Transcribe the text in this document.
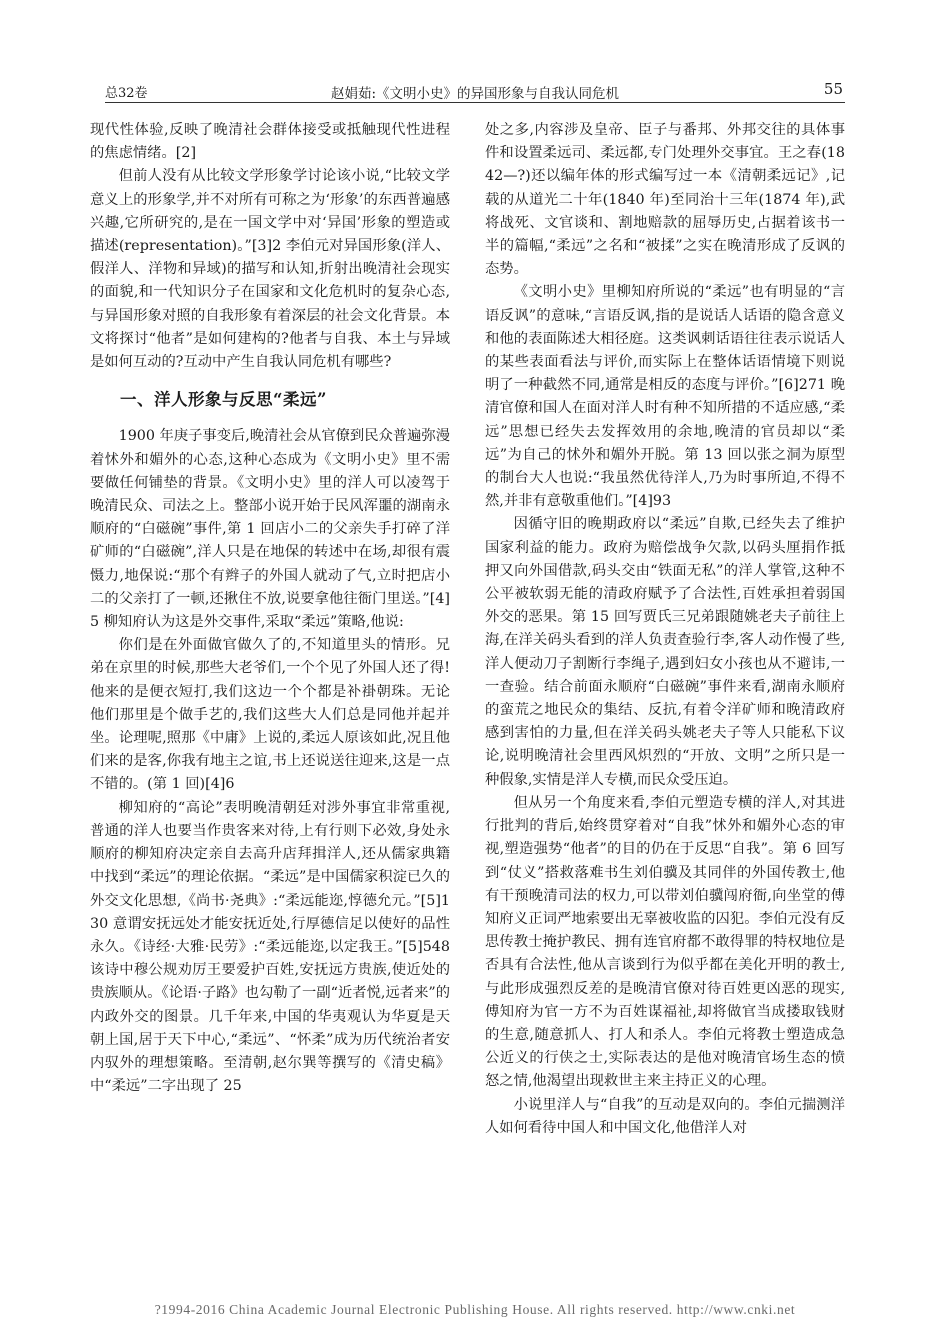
总32卷	赵娟茹:《文明小史》的异国形象与自我认同危机	55

现代性体验,反映了晚清社会群体接受或抵触现代性进程的焦虑情绪。[2]

但前人没有从比较文学形象学讨论该小说,“比较文学意义上的形象学,并不对所有可称之为‘形象’的东西普遍感兴趣,它所研究的,是在一国文学中对‘异国’形象的塑造或描述(representation)。”[3]2 李伯元对异国形象(洋人、假洋人、洋物和异域)的描写和认知,折射出晚清社会现实的面貌,和一代知识分子在国家和文化危机时的复杂心态,与异国形象对照的自我形象有着深层的社会文化背景。本文将探讨“他者”是如何建构的?他者与自我、本土与异域是如何互动的?互动中产生自我认同危机有哪些?

一、洋人形象与反思“柔远”

1900 年庚子事变后,晚清社会从官僚到民众普遍弥漫着怵外和媚外的心态,这种心态成为《文明小史》里不需要做任何铺垫的背景。《文明小史》里的洋人可以凌驾于晚清民众、司法之上。整部小说开始于民风浑噩的湖南永顺府的“白磁碗”事件,第 1 回店小二的父亲失手打碎了洋矿师的“白磁碗”,洋人只是在地保的转述中在场,却很有震慑力,地保说:“那个有辫子的外国人就动了气,立时把店小二的父亲打了一顿,还揪住不放,说要拿他往衙门里送。”[4]5 柳知府认为这是外交事件,采取“柔远”策略,他说:

你们是在外面做官做久了的,不知道里头的情形。兄弟在京里的时候,那些大老爷们,一个个见了外国人还了得!他来的是便衣短打,我们这边一个个都是补褂朝珠。无论他们那里是个做手艺的,我们这些大人们总是同他并起并坐。论理呢,照那《中庸》上说的,柔远人原该如此,况且他们来的是客,你我有地主之谊,书上还说送往迎来,这是一点不错的。(第 1 回)[4]6

柳知府的“高论”表明晚清朝廷对涉外事宜非常重视,普通的洋人也要当作贵客来对待,上有行则下必效,身处永顺府的柳知府决定亲自去高升店拜揖洋人,还从儒家典籍中找到“柔远”的理论依据。“柔远”是中国儒家积淀已久的外交文化思想,《尚书·尧典》:“柔远能迩,惇德允元。”[5]130 意谓安抚远处才能安抚近处,行厚德信足以使好的品性永久。《诗经·大雅·民劳》:“柔远能迩,以定我王。”[5]548 该诗中穆公规劝厉王要爱护百姓,安抚远方贵族,使近处的贵族顺从。《论语·子路》也勾勒了一副“近者悦,远者来”的内政外交的图景。几千年来,中国的华夷观认为华夏是天朝上国,居于天下中心,“柔远”、“怀柔”成为历代统治者安内驭外的理想策略。至清朝,赵尔巽等撰写的《清史稿》中“柔远”二字出现了 25

处之多,内容涉及皇帝、臣子与番邦、外邦交往的具体事件和设置柔远司、柔远都,专门处理外交事宜。王之春(1842—?)还以编年体的形式编写过一本《清朝柔远记》,记载的从道光二十年(1840 年)至同治十三年(1874 年),武将战死、文官谈和、割地赔款的屈辱历史,占据着该书一半的篇幅,“柔远”之名和“被揉”之实在晚清形成了反讽的态势。

《文明小史》里柳知府所说的“柔远”也有明显的“言语反讽”的意味,“言语反讽,指的是说话人话语的隐含意义和他的表面陈述大相径庭。这类讽刺话语往往表示说话人的某些表面看法与评价,而实际上在整体话语情境下则说明了一种截然不同,通常是相反的态度与评价。”[6]271 晚清官僚和国人在面对洋人时有种不知所措的不适应感,“柔远”思想已经失去发挥效用的余地,晚清的官员却以“柔远”为自己的怵外和媚外开脱。第 13 回以张之洞为原型的制台大人也说:“我虽然优待洋人,乃为时事所迫,不得不然,并非有意敬重他们。”[4]93

因循守旧的晚期政府以“柔远”自欺,已经失去了维护国家利益的能力。政府为赔偿战争欠款,以码头厘捐作抵押又向外国借款,码头交由“铁面无私”的洋人掌管,这种不公平被软弱无能的清政府赋予了合法性,百姓承担着弱国外交的恶果。第 15 回写贾氏三兄弟跟随姚老夫子前往上海,在洋关码头看到的洋人负责查验行李,客人动作慢了些,洋人便动刀子割断行李绳子,遇到妇女小孩也从不避讳,一一查验。结合前面永顺府“白磁碗”事件来看,湖南永顺府的蛮荒之地民众的集结、反抗,有着令洋矿师和晚清政府感到害怕的力量,但在洋关码头姚老夫子等人只能私下议论,说明晚清社会里西风炽烈的“开放、文明”之所只是一种假象,实情是洋人专横,而民众受压迫。

但从另一个角度来看,李伯元塑造专横的洋人,对其进行批判的背后,始终贯穿着对“自我”怵外和媚外心态的审视,塑造强势“他者”的目的仍在于反思“自我”。第 6 回写到“仗义”搭救落难书生刘伯骥及其同伴的外国传教士,他有干预晚清司法的权力,可以带刘伯骥闯府衙,向坐堂的傅知府义正词严地索要出无辜被收监的囚犯。李伯元没有反思传教士掩护教民、拥有连官府都不敢得罪的特权地位是否具有合法性,他从言谈到行为似乎都在美化开明的教士,与此形成强烈反差的是晚清官僚对待百姓更凶恶的现实,傅知府为官一方不为百姓谋福祉,却将做官当成搂取钱财的生意,随意抓人、打人和杀人。李伯元将教士塑造成急公近义的行侠之士,实际表达的是他对晚清官场生态的愤怒之情,他渴望出现救世主来主持正义的心理。

小说里洋人与“自我”的互动是双向的。李伯元揣测洋人如何看待中国人和中国文化,他借洋人对

?1994-2016 China Academic Journal Electronic Publishing House. All rights reserved. http://www.cnki.net
